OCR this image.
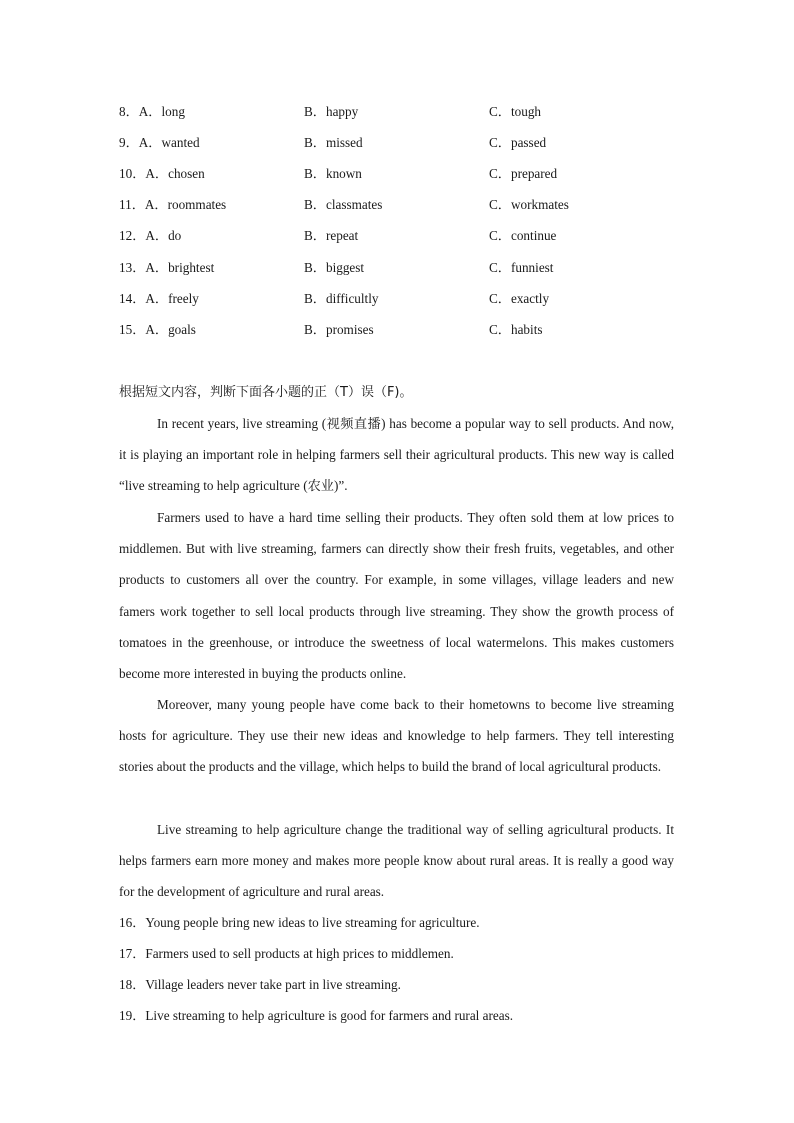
8．A．long	B．happy	C．tough
9．A．wanted	B．missed	C．passed
10．A．chosen	B．known	C．prepared
11．A．roommates	B．classmates	C．workmates
12．A．do	B．repeat	C．continue
13．A．brightest	B．biggest	C．funniest
14．A．freely	B．difficultly	C．exactly
15．A．goals	B．promises	C．habits
根据短文内容，判断下面各小题的正（T）误（F)。

In recent years, live streaming (视频直播) has become a popular way to sell products. And now, it is playing an important role in helping farmers sell their agricultural products. This new way is called “live streaming to help agriculture (农业)”.

Farmers used to have a hard time selling their products. They often sold them at low prices to middlemen. But with live streaming, farmers can directly show their fresh fruits, vegetables, and other products to customers all over the country. For example, in some villages, village leaders and new famers work together to sell local products through live streaming. They show the growth process of tomatoes in the greenhouse, or introduce the sweetness of local watermelons. This makes customers become more interested in buying the products online.

Moreover, many young people have come back to their hometowns to become live streaming hosts for agriculture. They use their new ideas and knowledge to help farmers. They tell interesting stories about the products and the village, which helps to build the brand of local agricultural products.

Live streaming to help agriculture change the traditional way of selling agricultural products. It helps farmers earn more money and makes more people know about rural areas. It is really a good way for the development of agriculture and rural areas.

16．Young people bring new ideas to live streaming for agriculture.
17．Farmers used to sell products at high prices to middlemen.
18．Village leaders never take part in live streaming.
19．Live streaming to help agriculture is good for farmers and rural areas.
